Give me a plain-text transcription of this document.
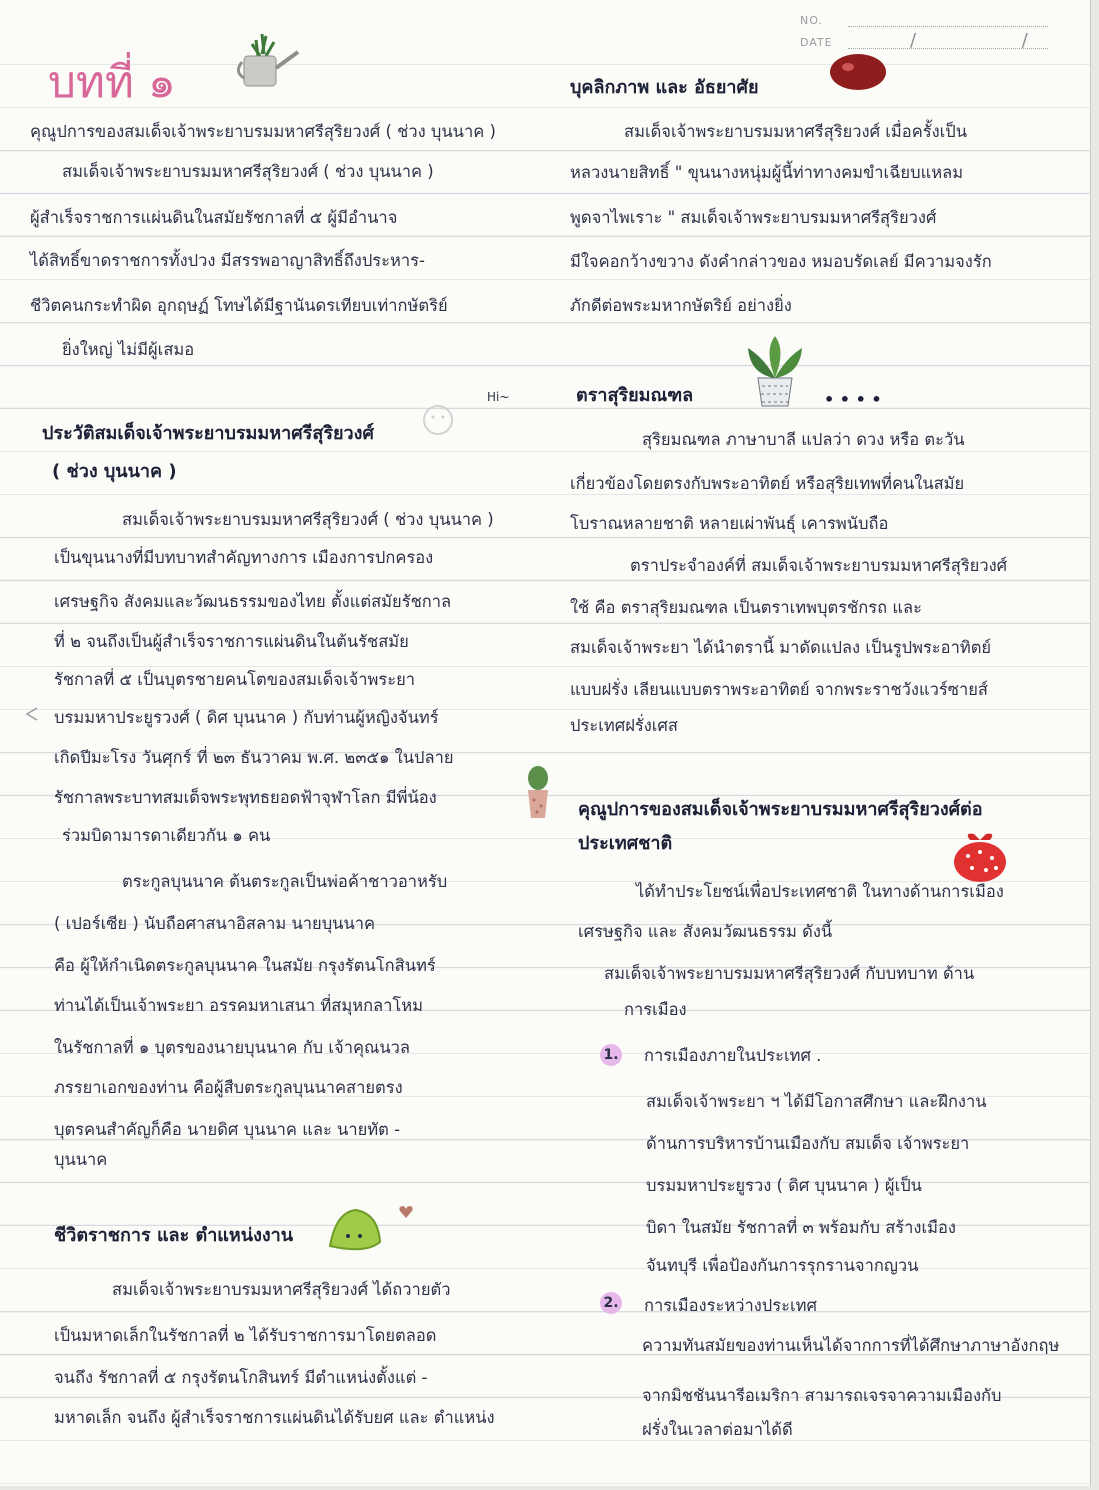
NO.
DATE	/ /
บทที่ ๑
คุณูปการของสมเด็จเจ้าพระยาบรมมหาศรีสุริยวงศ์ ( ช่วง บุนนาค )
สมเด็จเจ้าพระยาบรมมหาศรีสุริยวงศ์ ( ช่วง บุนนาค )
ผู้สำเร็จราชการแผ่นดินในสมัยรัชกาลที่ ๕ ผู้มีอำนาจ
ได้สิทธิ์ขาดราชการทั้งปวง มีสรรพอาญาสิทธิ์ถึงประหาร-
ชีวิตคนกระทำผิด อุกฤษฏ์ โทษได้มีฐานันดรเทียบเท่ากษัตริย์
ยิ่งใหญ่ ไม่มีผู้เสมอ
Hi~
ประวัติสมเด็จเจ้าพระยาบรมมหาศรีสุริยวงศ์
( ช่วง บุนนาค )
สมเด็จเจ้าพระยาบรมมหาศรีสุริยวงศ์ ( ช่วง บุนนาค )
เป็นขุนนางที่มีบทบาทสำคัญทางการ เมืองการปกครอง
เศรษฐกิจ สังคมและวัฒนธรรมของไทย ตั้งแต่สมัยรัชกาล
ที่ ๒ จนถึงเป็นผู้สำเร็จราชการแผ่นดินในต้นรัชสมัย
รัชกาลที่ ๕ เป็นบุตรชายคนโตของสมเด็จเจ้าพระยา
บรมมหาประยูรวงศ์ ( ดิศ บุนนาค ) กับท่านผู้หญิงจันทร์
เกิดปีมะโรง วันศุกร์ ที่ ๒๓ ธันวาคม พ.ศ. ๒๓๕๑ ในปลาย
รัชกาลพระบาทสมเด็จพระพุทธยอดฟ้าจุฬาโลก มีพี่น้อง
ร่วมบิดามารดาเดียวกัน ๑ คน
ตระกูลบุนนาค ต้นตระกูลเป็นพ่อค้าชาวอาหรับ
( เปอร์เซีย ) นับถือศาสนาอิสลาม นายบุนนาค
คือ ผู้ให้กำเนิดตระกูลบุนนาค ในสมัย กรุงรัตนโกสินทร์
ท่านได้เป็นเจ้าพระยา อรรคมหาเสนา ที่สมุหกลาโหม
ในรัชกาลที่ ๑ บุตรของนายบุนนาค กับ เจ้าคุณนวล
ภรรยาเอกของท่าน คือผู้สืบตระกูลบุนนาคสายตรง
บุตรคนสำคัญก็คือ นายดิศ บุนนาค และ นายทัต -
บุนนาค
ชีวิตราชการ และ ตำแหน่งงาน
สมเด็จเจ้าพระยาบรมมหาศรีสุริยวงศ์ ได้ถวายตัว
เป็นมหาดเล็กในรัชกาลที่ ๒ ได้รับราชการมาโดยตลอด
จนถึง รัชกาลที่ ๕ กรุงรัตนโกสินทร์ มีตำแหน่งตั้งแต่ -
มหาดเล็ก จนถึง ผู้สำเร็จราชการแผ่นดินได้รับยศ และ ตำแหน่ง
บุคลิกภาพ และ อัธยาศัย
สมเด็จเจ้าพระยาบรมมหาศรีสุริยวงศ์ เมื่อครั้งเป็น
หลวงนายสิทธิ์ " ขุนนางหนุ่มผู้นี้ท่าทางคมขำเฉียบแหลม
พูดจาไพเราะ " สมเด็จเจ้าพระยาบรมมหาศรีสุริยวงศ์
มีใจคอกว้างขวาง ดังคำกล่าวของ หมอบรัดเลย์ มีความจงรัก
ภักดีต่อพระมหากษัตริย์ อย่างยิ่ง
ตราสุริยมณฑล	• • • •
สุริยมณฑล ภาษาบาลี แปลว่า ดวง หรือ ตะวัน
เกี่ยวข้องโดยตรงกับพระอาทิตย์ หรือสุริยเทพที่คนในสมัย
โบราณหลายชาติ หลายเผ่าพันธุ์ เคารพนับถือ
ตราประจำองค์ที่ สมเด็จเจ้าพระยาบรมมหาศรีสุริยวงศ์
ใช้ คือ ตราสุริยมณฑล เป็นตราเทพบุตรชักรถ และ
สมเด็จเจ้าพระยา ได้นำตรานี้ มาดัดแปลง เป็นรูปพระอาทิตย์
แบบฝรั่ง เลียนแบบตราพระอาทิตย์ จากพระราชวังแวร์ซายส์
ประเทศฝรั่งเศส
คุณูปการของสมเด็จเจ้าพระยาบรมมหาศรีสุริยวงศ์ต่อ
ประเทศชาติ
ได้ทำประโยชน์เพื่อประเทศชาติ ในทางด้านการเมือง
เศรษฐกิจ และ สังคมวัฒนธรรม ดังนี้
สมเด็จเจ้าพระยาบรมมหาศรีสุริยวงศ์ กับบทบาท ด้าน
การเมือง
1. การเมืองภายในประเทศ .
สมเด็จเจ้าพระยา ฯ ได้มีโอกาสศึกษา และฝึกงาน
ด้านการบริหารบ้านเมืองกับ สมเด็จ เจ้าพระยา
บรมมหาประยูรวง ( ดิศ บุนนาค ) ผู้เป็น
บิดา ในสมัย รัชกาลที่ ๓ พร้อมกับ สร้างเมือง
จันทบุรี เพื่อป้องกันการรุกรานจากญวน
2. การเมืองระหว่างประเทศ
ความทันสมัยของท่านเห็นได้จากการที่ได้ศึกษาภาษาอังกฤษ
จากมิชชันนารีอเมริกา สามารถเจรจาความเมืองกับ
ฝรั่งในเวลาต่อมาได้ดี
